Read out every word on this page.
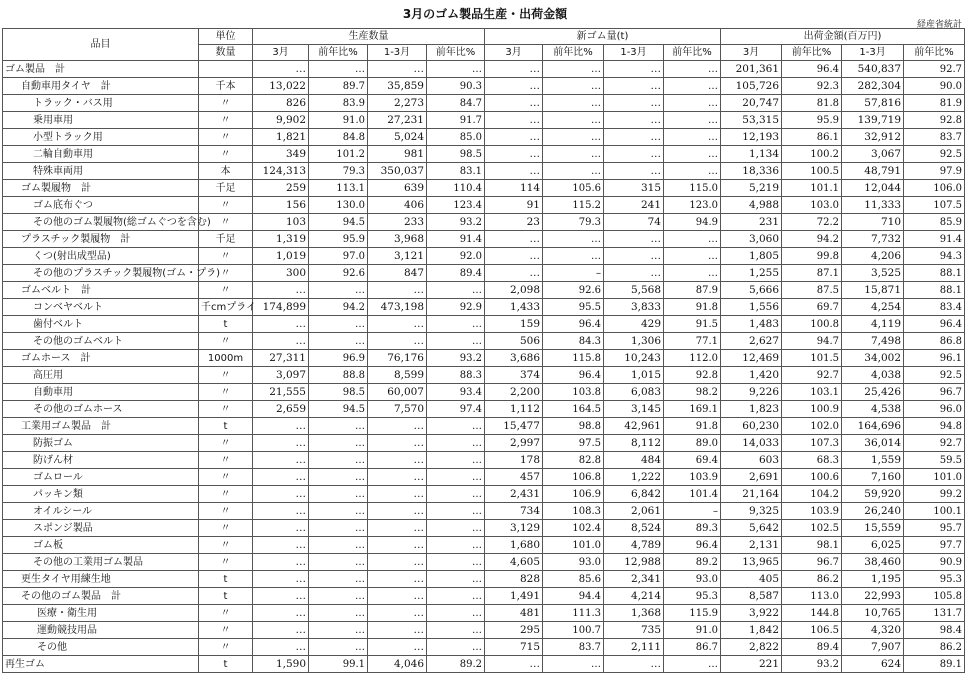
3月のゴム製品生産・出荷金額
経産省統計
品目	単位	生産数量				新ゴム量(t)				出荷金額(百万円)			
	数量	3月	前年比%	1-3月	前年比%	3月	前年比%	1-3月	前年比%	3月	前年比%	1-3月	前年比%
ゴム製品　計		…	…	…	…	…	…	…	…	201,361	96.4	540,837	92.7
自動車用タイヤ　計	千本	13,022	89.7	35,859	90.3	…	…	…	…	105,726	92.3	282,304	90.0
トラック・バス用	〃	826	83.9	2,273	84.7	…	…	…	…	20,747	81.8	57,816	81.9
乗用車用	〃	9,902	91.0	27,231	91.7	…	…	…	…	53,315	95.9	139,719	92.8
小型トラック用	〃	1,821	84.8	5,024	85.0	…	…	…	…	12,193	86.1	32,912	83.7
二輪自動車用	〃	349	101.2	981	98.5	…	…	…	…	1,134	100.2	3,067	92.5
特殊車両用	本	124,313	79.3	350,037	83.1	…	…	…	…	18,336	100.5	48,791	97.9
ゴム製履物　計	千足	259	113.1	639	110.4	114	105.6	315	115.0	5,219	101.1	12,044	106.0
ゴム底布ぐつ	〃	156	130.0	406	123.4	91	115.2	241	123.0	4,988	103.0	11,333	107.5
その他のゴム製履物(総ゴムぐつを含む)	〃	103	94.5	233	93.2	23	79.3	74	94.9	231	72.2	710	85.9
プラスチック製履物　計	千足	1,319	95.9	3,968	91.4	…	…	…	…	3,060	94.2	7,732	91.4
くつ(射出成型品)	〃	1,019	97.0	3,121	92.0	…	…	…	…	1,805	99.8	4,206	94.3
その他のプラスチック製履物(ゴム・プラ)	〃	300	92.6	847	89.4	…	–	…	…	1,255	87.1	3,525	88.1
ゴムベルト　計	〃	…	…	…	…	2,098	92.6	5,568	87.9	5,666	87.5	15,871	88.1
コンベヤベルト	千cmプライ	174,899	94.2	473,198	92.9	1,433	95.5	3,833	91.8	1,556	69.7	4,254	83.4
歯付ベルト	t	…	…	…	…	159	96.4	429	91.5	1,483	100.8	4,119	96.4
その他のゴムベルト	〃	…	…	…	…	506	84.3	1,306	77.1	2,627	94.7	7,498	86.8
ゴムホース　計	1000m	27,311	96.9	76,176	93.2	3,686	115.8	10,243	112.0	12,469	101.5	34,002	96.1
高圧用	〃	3,097	88.8	8,599	88.3	374	96.4	1,015	92.8	1,420	92.7	4,038	92.5
自動車用	〃	21,555	98.5	60,007	93.4	2,200	103.8	6,083	98.2	9,226	103.1	25,426	96.7
その他のゴムホース	〃	2,659	94.5	7,570	97.4	1,112	164.5	3,145	169.1	1,823	100.9	4,538	96.0
工業用ゴム製品　計	t	…	…	…	…	15,477	98.8	42,961	91.8	60,230	102.0	164,696	94.8
防振ゴム	〃	…	…	…	…	2,997	97.5	8,112	89.0	14,033	107.3	36,014	92.7
防げん材	〃	…	…	…	…	178	82.8	484	69.4	603	68.3	1,559	59.5
ゴムロール	〃	…	…	…	…	457	106.8	1,222	103.9	2,691	100.6	7,160	101.0
パッキン類	〃	…	…	…	…	2,431	106.9	6,842	101.4	21,164	104.2	59,920	99.2
オイルシール	〃	…	…	…	…	734	108.3	2,061	–	9,325	103.9	26,240	100.1
スポンジ製品	〃	…	…	…	…	3,129	102.4	8,524	89.3	5,642	102.5	15,559	95.7
ゴム板	〃	…	…	…	…	1,680	101.0	4,789	96.4	2,131	98.1	6,025	97.7
その他の工業用ゴム製品	〃	…	…	…	…	4,605	93.0	12,988	89.2	13,965	96.7	38,460	90.9
更生タイヤ用練生地	t	…	…	…	…	828	85.6	2,341	93.0	405	86.2	1,195	95.3
その他のゴム製品　計	t	…	…	…	…	1,491	94.4	4,214	95.3	8,587	113.0	22,993	105.8
医療・衛生用	〃	…	…	…	…	481	111.3	1,368	115.9	3,922	144.8	10,765	131.7
運動競技用品	〃	…	…	…	…	295	100.7	735	91.0	1,842	106.5	4,320	98.4
その他	〃	…	…	…	…	715	83.7	2,111	86.7	2,822	89.4	7,907	86.2
再生ゴム	t	1,590	99.1	4,046	89.2	…	…	…	…	221	93.2	624	89.1
